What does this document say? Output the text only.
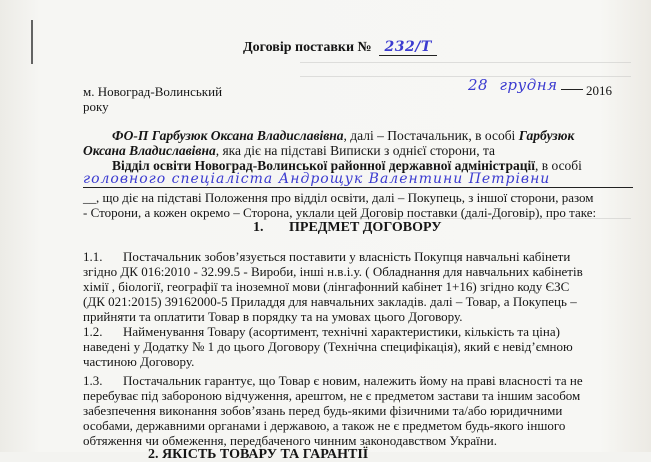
Договір поставки № 232/Т
м. Новоград-Волинський
року
28 грудня 2016
ФО-П Гарбузюк Оксана Владиславівна, далі – Постачальник, в особі Гарбузюк
Оксана Владиславівна, яка діє на підставі Виписки з однієї сторони, та
Відділ освіти Новоград-Волинської районної державної адміністрації, в особі
головного спеціаліста Андрощук Валентини Петрівни
__, що діє на підставі Положення про відділ освіти, далі – Покупець, з іншої сторони, разом
- Сторони, а кожен окремо – Сторона, уклали цей Договір поставки (далі-Договір), про таке:
1. ПРЕДМЕТ ДОГОВОРУ
1.1. Постачальник зобов’язується поставити у власність Покупця навчальні кабінети
згідно ДК 016:2010 - 32.99.5 - Вироби, інші н.в.і.у. ( Обладнання для навчальних кабінетів
хімії , біології, географії та іноземної мови (лінгафонний кабінет 1+16) згідно коду ЄЗС
(ДК 021:2015) 39162000-5 Приладдя для навчальних закладів. далі – Товар, а Покупець –
прийняти та оплатити Товар в порядку та на умовах цього Договору.
1.2. Найменування Товару (асортимент, технічні характеристики, кількість та ціна)
наведені у Додатку № 1 до цього Договору (Технічна специфікація), який є невід’ємною
частиною Договору.
1.3. Постачальник гарантує, що Товар є новим, належить йому на праві власності та не
перебуває під забороною відчуження, арештом, не є предметом застави та іншим засобом
забезпечення виконання зобов’язань перед будь-якими фізичними та/або юридичними
особами, державними органами і державою, а також не є предметом будь-якого іншого
обтяження чи обмеження, передбаченого чинним законодавством України.
2. ЯКІСТЬ ТОВАРУ ТА ГАРАНТІЇ
